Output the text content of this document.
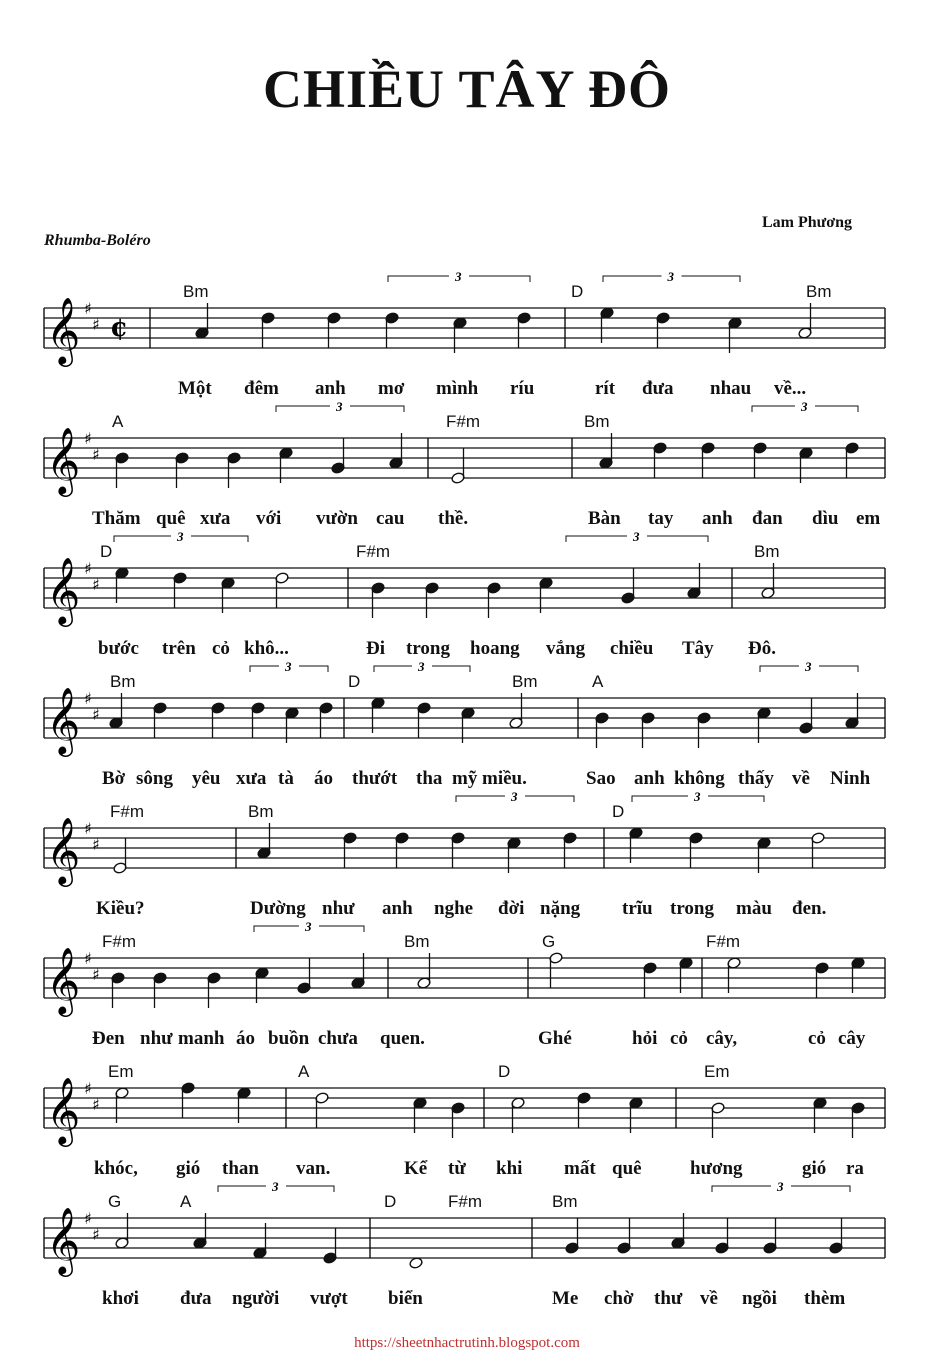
CHIỀU TÂY ĐÔ
Rhumba-Boléro
Lam Phương
𝄞 ♯
♯ ¢
3	3
Bm	D	Bm
Một đêm anh mơ mình ríu	rít đưa nhau về...
𝄞 ♯
♯
3	3
A	F#m	Bm
Thăm quê xưa với vườn cau thề.	Bàn tay anh đan dìu em
𝄞 ♯
♯
3	3
D	F#m	Bm
bước trên cỏ khô...	Đi trong hoang vắng chiều Tây Đô.
𝄞 ♯
♯
3	3	3
Bm	D	Bm	A
Bờ sông yêu xưa tà áo thướt tha mỹ miều.	Sao anh không thấy về Ninh
𝄞 ♯
♯
3	3
F#m	Bm	D
Kiều?	Dường như anh nghe đời nặng trĩu trong màu đen.
𝄞 ♯
♯
3
F#m	Bm	G	F#m
Đen như manh áo buồn chưa quen.	Ghé	hỏi cỏ cây,	cỏ cây
𝄞 ♯
♯
Em	A	D	Em
khóc, gió than van.	Kể từ khi mất quê	hương	gió ra
𝄞 ♯
♯
3	3
G	A	D	F#m	Bm
khơi đưa người vượt biển	Me chờ thư về ngồi thèm
https://sheetnhactrutinh.blogspot.com
